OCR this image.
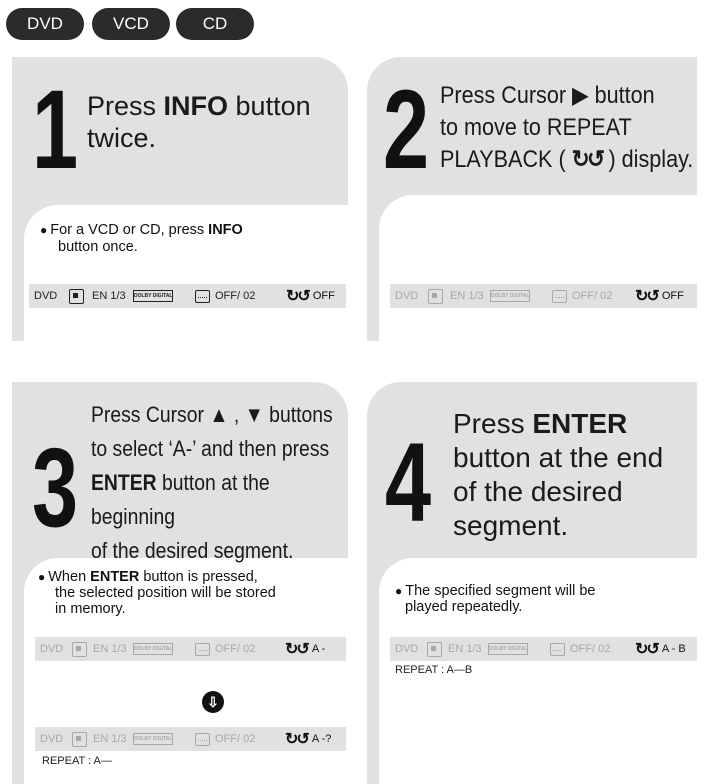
DVD	VCD	CD
1 Press INFO button
twice.
● For a VCD or CD, press INFO
button once.
DVD	EN 1/3 DOLBY DIGITAL	OFF/ 02 ↻↺ OFF
2 Press Cursor ▶ button
to move to REPEAT
PLAYBACK ( ↻↺ ) display.
DVD	EN 1/3 DOLBY DIGITAL	OFF/ 02 ↻↺ OFF
3
Press Cursor ▲ , ▼ buttons
to select ‘A-’ and then press
ENTER button at the beginning
of the desired segment.
● When ENTER button is pressed,
the selected position will be stored
in memory.
DVD	EN 1/3 DOLBY DIGITAL	OFF/ 02 ↻↺ A -
⇩
DVD	EN 1/3 DOLBY DIGITAL	OFF/ 02 ↻↺ A -?
REPEAT : A—
4 Press ENTER
button at the end
of the desired
segment.
● The specified segment will be
played repeatedly.
DVD	EN 1/3 DOLBY DIGITAL	OFF/ 02 ↻↺ A - B
REPEAT : A—B
